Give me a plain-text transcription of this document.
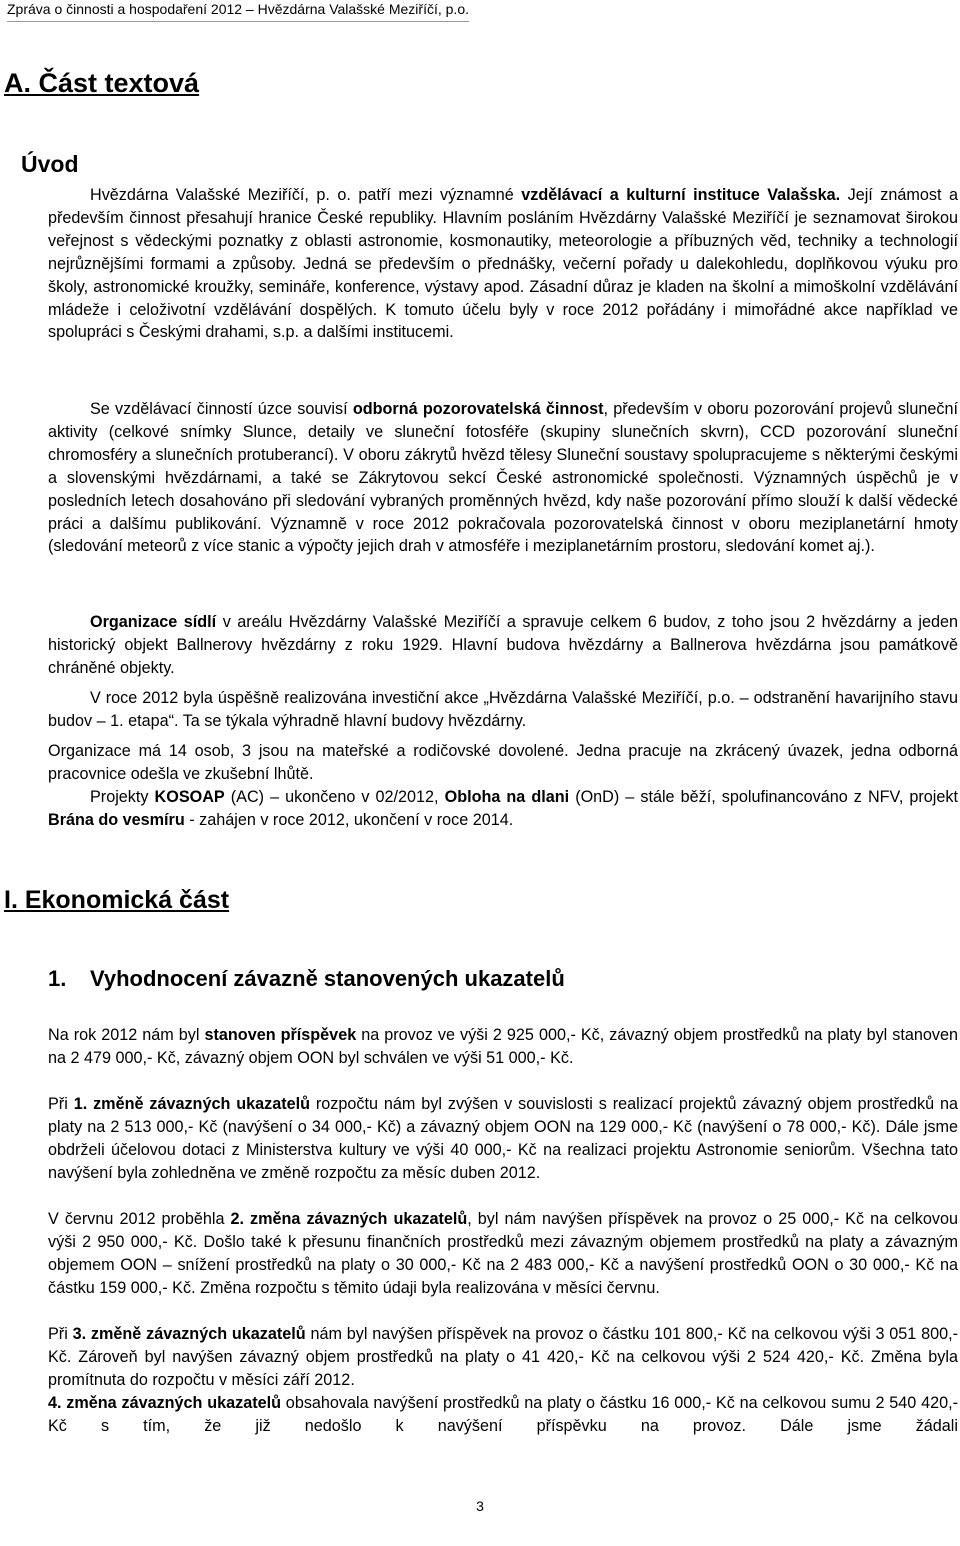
Zpráva o činnosti a hospodaření 2012 – Hvězdárna Valašské Meziříčí, p.o.
A. Část textová
Úvod

Hvězdárna Valašské Meziříčí, p. o. patří mezi významné vzdělávací a kulturní instituce Valašska. Její známost a především činnost přesahují hranice České republiky. Hlavním posláním Hvězdárny Valašské Meziříčí je seznamovat širokou veřejnost s vědeckými poznatky z oblasti astronomie, kosmonautiky, meteorologie a příbuzných věd, techniky a technologií nejrůznějšími formami a způsoby. Jedná se především o přednášky, večerní pořady u dalekohledu, doplňkovou výuku pro školy, astronomické kroužky, semináře, konference, výstavy apod. Zásadní důraz je kladen na školní a mimoškolní vzdělávání mládeže i celoživotní vzdělávání dospělých. K tomuto účelu byly v roce 2012 pořádány i mimořádné akce například ve spolupráci s Českými drahami, s.p. a dalšími institucemi.

Se vzdělávací činností úzce souvisí odborná pozorovatelská činnost, především v oboru pozorování projevů sluneční aktivity (celkové snímky Slunce, detaily ve sluneční fotosféře (skupiny slunečních skvrn), CCD pozorování sluneční chromosféry a slunečních protuberancí). V oboru zákrytů hvězd tělesy Sluneční soustavy spolupracujeme s některými českými a slovenskými hvězdárnami, a také se Zákrytovou sekcí České astronomické společnosti. Významných úspěchů je v posledních letech dosahováno při sledování vybraných proměnných hvězd, kdy naše pozorování přímo slouží k další vědecké práci a dalšímu publikování. Významně v roce 2012 pokračovala pozorovatelská činnost v oboru meziplanetární hmoty (sledování meteorů z více stanic a výpočty jejich drah v atmosféře i meziplanetárním prostoru, sledování komet aj.).

Organizace sídlí v areálu Hvězdárny Valašské Meziříčí a spravuje celkem 6 budov, z toho jsou 2 hvězdárny a jeden historický objekt Ballnerovy hvězdárny z roku 1929. Hlavní budova hvězdárny a Ballnerova hvězdárna jsou památkově chráněné objekty.

V roce 2012 byla úspěšně realizována investiční akce „Hvězdárna Valašské Meziříčí, p.o. – odstranění havarijního stavu budov – 1. etapa“. Ta se týkala výhradně hlavní budovy hvězdárny.

Organizace má 14 osob, 3 jsou na mateřské a rodičovské dovolené. Jedna pracuje na zkrácený úvazek, jedna odborná pracovnice odešla ve zkušební lhůtě.

Projekty KOSOAP (AC) – ukončeno v 02/2012, Obloha na dlani (OnD) – stále běží, spolufinancováno z NFV, projekt Brána do vesmíru - zahájen v roce 2012, ukončení v roce 2014.

I. Ekonomická část
1. Vyhodnocení závazně stanovených ukazatelů

Na rok 2012 nám byl stanoven příspěvek na provoz ve výši 2 925 000,- Kč, závazný objem prostředků na platy byl stanoven na 2 479 000,- Kč, závazný objem OON byl schválen ve výši 51 000,- Kč.

Při 1. změně závazných ukazatelů rozpočtu nám byl zvýšen v souvislosti s realizací projektů závazný objem prostředků na platy na 2 513 000,- Kč (navýšení o 34 000,- Kč) a závazný objem OON na 129 000,- Kč (navýšení o 78 000,- Kč). Dále jsme obdrželi účelovou dotaci z Ministerstva kultury ve výši 40 000,- Kč na realizaci projektu Astronomie seniorům. Všechna tato navýšení byla zohledněna ve změně rozpočtu za měsíc duben 2012.

V červnu 2012 proběhla 2. změna závazných ukazatelů, byl nám navýšen příspěvek na provoz o 25 000,- Kč na celkovou výši 2 950 000,- Kč. Došlo také k přesunu finančních prostředků mezi závazným objemem prostředků na platy a závazným objemem OON – snížení prostředků na platy o 30 000,- Kč na 2 483 000,- Kč a navýšení prostředků OON o 30 000,- Kč na částku 159 000,- Kč. Změna rozpočtu s těmito údaji byla realizována v měsíci červnu.

Při 3. změně závazných ukazatelů nám byl navýšen příspěvek na provoz o částku 101 800,- Kč na celkovou výši 3 051 800,- Kč. Zároveň byl navýšen závazný objem prostředků na platy o 41 420,- Kč na celkovou výši 2 524 420,- Kč. Změna byla promítnuta do rozpočtu v měsíci září 2012.

4. změna závazných ukazatelů obsahovala navýšení prostředků na platy o částku 16 000,- Kč na celkovou sumu 2 540 420,- Kč s tím, že již nedošlo k navýšení příspěvku na provoz. Dále jsme žádali

3
